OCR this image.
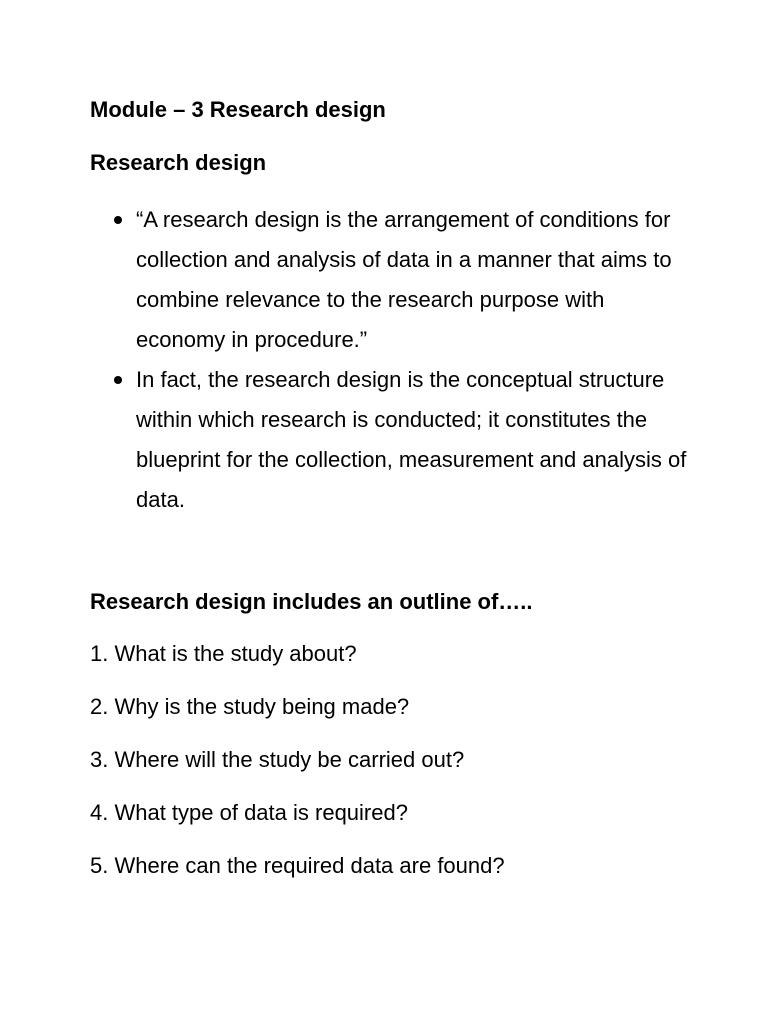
Module – 3 Research design
Research design
“A research design is the arrangement of conditions for collection and analysis of data in a manner that aims to combine relevance to the research purpose with economy in procedure.”
In fact, the research design is the conceptual structure within which research is conducted; it constitutes the blueprint for the collection, measurement and analysis of data.
Research design includes an outline of…..

1. What is the study about?

2. Why is the study being made?

3. Where will the study be carried out?

4. What type of data is required?

5. Where can the required data are found?
